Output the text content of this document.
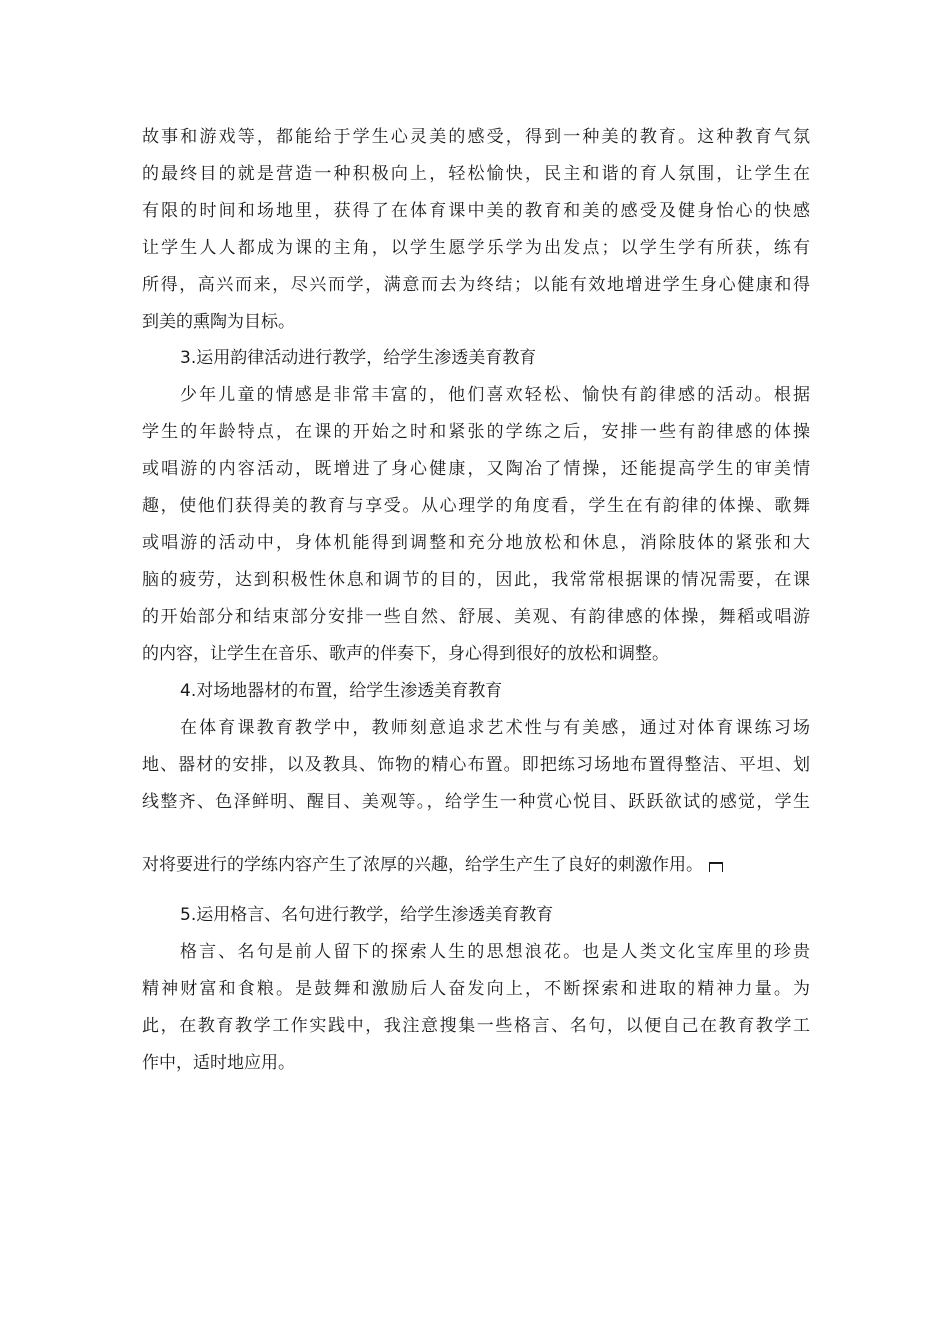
故事和游戏等，都能给于学生心灵美的感受，得到一种美的教育。这种教育气氛
的最终目的就是营造一种积极向上，轻松愉快，民主和谐的育人氛围，让学生在
有限的时间和场地里，获得了在体育课中美的教育和美的感受及健身怡心的快感
让学生人人都成为课的主角，以学生愿学乐学为出发点；以学生学有所获，练有
所得，高兴而来，尽兴而学，满意而去为终结；以能有效地增进学生身心健康和得
到美的熏陶为目标。
3.运用韵律活动进行教学，给学生渗透美育教育
少年儿童的情感是非常丰富的，他们喜欢轻松、愉快有韵律感的活动。根据
学生的年龄特点，在课的开始之时和紧张的学练之后，安排一些有韵律感的体操
或唱游的内容活动，既增进了身心健康，又陶冶了情操，还能提高学生的审美情
趣，使他们获得美的教育与享受。从心理学的角度看，学生在有韵律的体操、歌舞
或唱游的活动中，身体机能得到调整和充分地放松和休息，消除肢体的紧张和大
脑的疲劳，达到积极性休息和调节的目的，因此，我常常根据课的情况需要，在课
的开始部分和结束部分安排一些自然、舒展、美观、有韵律感的体操，舞稻或唱游
的内容，让学生在音乐、歌声的伴奏下，身心得到很好的放松和调整。
4.对场地器材的布置，给学生渗透美育教育
在体育课教育教学中，教师刻意追求艺术性与有美感，通过对体育课练习场
地、器材的安排，以及教具、饰物的精心布置。即把练习场地布置得整洁、平坦、划
线整齐、色泽鲜明、醒目、美观等。，给学生一种赏心悦目、跃跃欲试的感觉，学生
对将要进行的学练内容产生了浓厚的兴趣，给学生产生了良好的刺激作用。
5.运用格言、名句进行教学，给学生渗透美育教育
格言、名句是前人留下的探索人生的思想浪花。也是人类文化宝库里的珍贵
精神财富和食粮。是鼓舞和激励后人奋发向上，不断探索和进取的精神力量。为
此，在教育教学工作实践中，我注意搜集一些格言、名句，以便自己在教育教学工
作中，适时地应用。
